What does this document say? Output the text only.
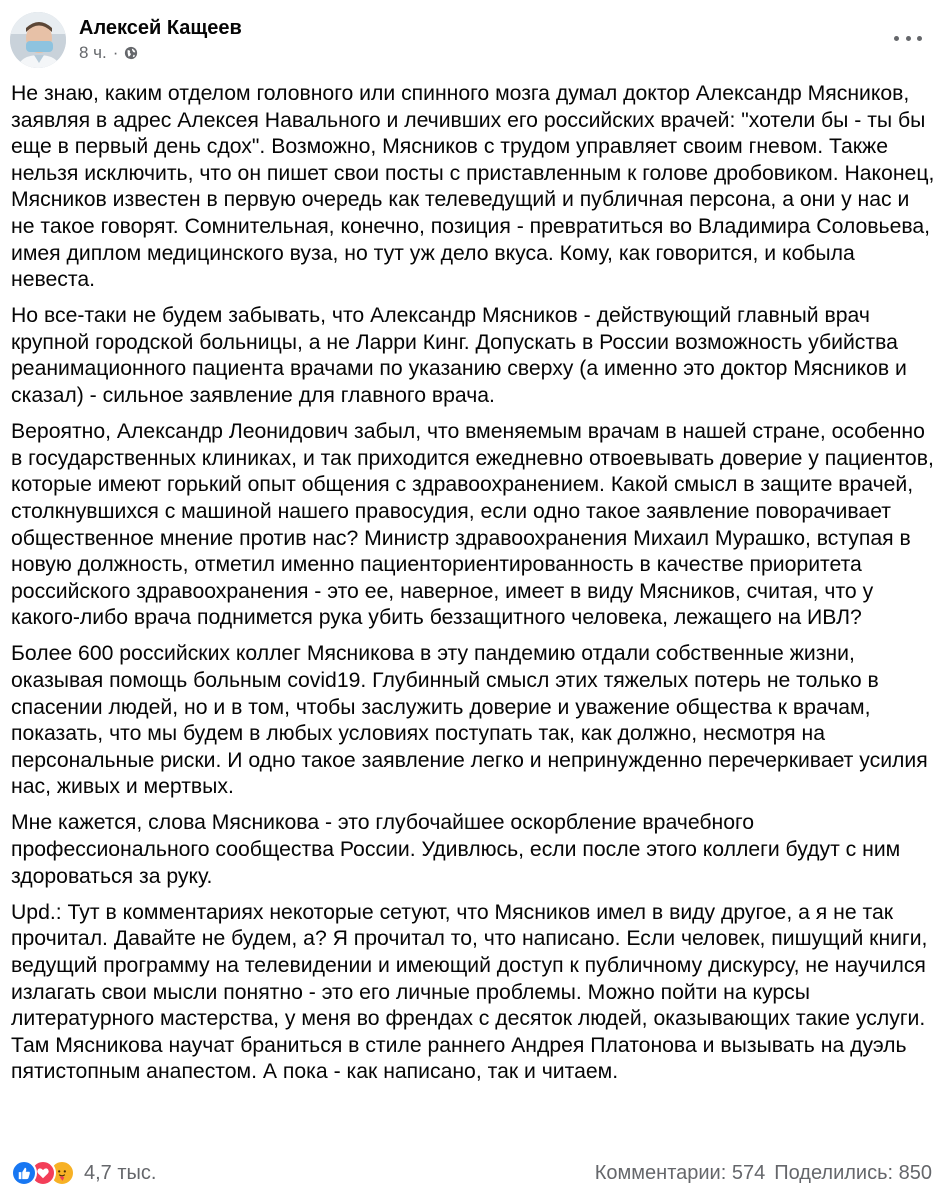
Алексей Кащеев
8 ч. ·

Не знаю, каким отделом головного или спинного мозга думал доктор Александр Мясников, заявляя в адрес Алексея Навального и лечивших его российских врачей: "хотели бы - ты бы еще в первый день сдох". Возможно, Мясников с трудом управляет своим гневом. Также нельзя исключить, что он пишет свои посты с приставленным к голове дробовиком. Наконец, Мясников известен в первую очередь как телеведущий и публичная персона, а они у нас и не такое говорят. Сомнительная, конечно, позиция - превратиться во Владимира Соловьева, имея диплом медицинского вуза, но тут уж дело вкуса. Кому, как говорится, и кобыла невеста.

Но все-таки не будем забывать, что Александр Мясников - действующий главный врач крупной городской больницы, а не Ларри Кинг. Допускать в России возможность убийства реанимационного пациента врачами по указанию сверху (а именно это доктор Мясников и сказал) - сильное заявление для главного врача.

Вероятно, Александр Леонидович забыл, что вменяемым врачам в нашей стране, особенно в государственных клиниках, и так приходится ежедневно отвоевывать доверие у пациентов, которые имеют горький опыт общения с здравоохранением. Какой смысл в защите врачей, столкнувшихся с машиной нашего правосудия, если одно такое заявление поворачивает общественное мнение против нас? Министр здравоохранения Михаил Мурашко, вступая в новую должность, отметил именно пациенториентированность в качестве приоритета российского здравоохранения - это ее, наверное, имеет в виду Мясников, считая, что у какого-либо врача поднимется рука убить беззащитного человека, лежащего на ИВЛ?

Более 600 российских коллег Мясникова в эту пандемию отдали собственные жизни, оказывая помощь больным covid19. Глубинный смысл этих тяжелых потерь не только в спасении людей, но и в том, чтобы заслужить доверие и уважение общества к врачам, показать, что мы будем в любых условиях поступать так, как должно, несмотря на персональные риски. И одно такое заявление легко и непринужденно перечеркивает усилия нас, живых и мертвых.

Мне кажется, слова Мясникова - это глубочайшее оскорбление врачебного профессионального сообщества России. Удивлюсь, если после этого коллеги будут с ним здороваться за руку.

Upd.: Тут в комментариях некоторые сетуют, что Мясников имел в виду другое, а я не так прочитал. Давайте не будем, а? Я прочитал то, что написано. Если человек, пишущий книги, ведущий программу на телевидении и имеющий доступ к публичному дискурсу, не научился излагать свои мысли понятно - это его личные проблемы. Можно пойти на курсы литературного мастерства, у меня во френдах с десяток людей, оказывающих такие услуги. Там Мясникова научат браниться в стиле раннего Андрея Платонова и вызывать на дуэль пятистопным анапестом. А пока - как написано, так и читаем.

4,7 тыс.	Комментарии: 574 Поделились: 850
